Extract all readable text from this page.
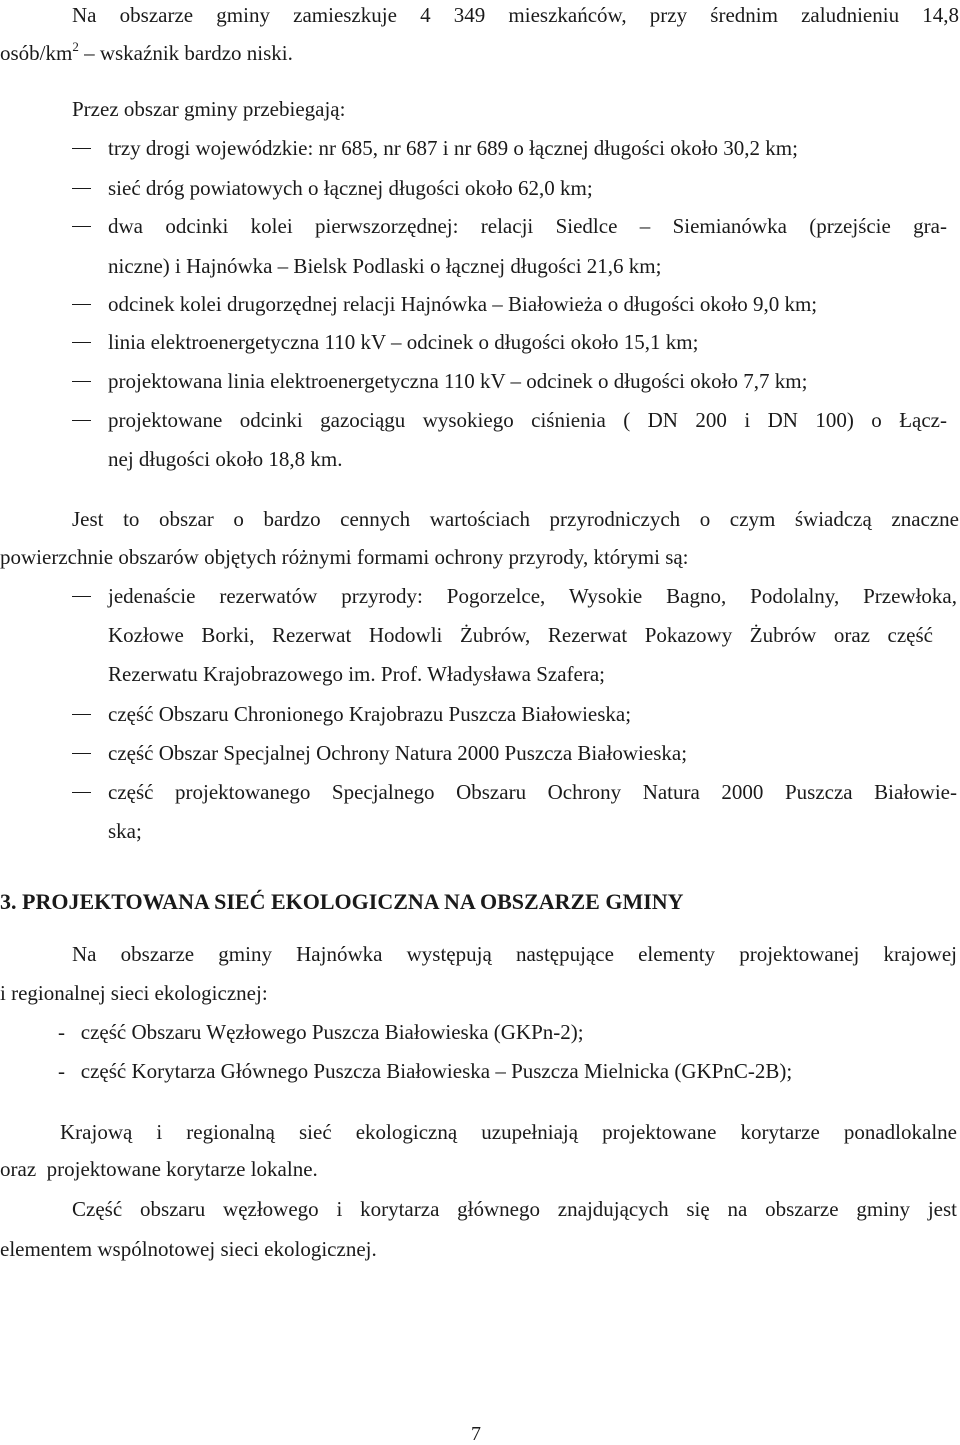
Na obszarze gminy zamieszkuje 4 349 mieszkańców, przy średnim zaludnieniu 14,8
osób/$km^2$ – wskaźnik bardzo niski.
Przez obszar gminy przebiegają:
trzy drogi wojewódzkie: nr 685, nr 687 i nr 689 o łącznej długości około 30,2 km;
sieć dróg powiatowych o łącznej długości około 62,0 km;
dwa odcinki kolei pierwszorzędnej: relacji Siedlce – Siemianówka (przejście gra-
niczne) i Hajnówka – Bielsk Podlaski o łącznej długości 21,6 km;
odcinek kolei drugorzędnej relacji Hajnówka – Białowieża o długości około 9,0 km;
linia elektroenergetyczna 110 kV – odcinek o długości około 15,1 km;
projektowana linia elektroenergetyczna 110 kV – odcinek o długości około 7,7 km;
projektowane odcinki gazociągu wysokiego ciśnienia ( DN 200 i DN 100) o Łącz-
nej długości około 18,8 km.
Jest to obszar o bardzo cennych wartościach przyrodniczych o czym świadczą znaczne
powierzchnie obszarów objętych różnymi formami ochrony przyrody, którymi są:
jedenaście rezerwatów przyrody: Pogorzelce, Wysokie Bagno, Podolalny, Przewłoka,
Kozłowe Borki, Rezerwat Hodowli Żubrów, Rezerwat Pokazowy Żubrów oraz część
Rezerwatu Krajobrazowego im. Prof. Władysława Szafera;
część Obszaru Chronionego Krajobrazu Puszcza Białowieska;
część Obszar Specjalnej Ochrony Natura 2000 Puszcza Białowieska;
część projektowanego Specjalnego Obszaru Ochrony Natura 2000 Puszcza Białowie-
ska;
3. PROJEKTOWANA SIEĆ EKOLOGICZNA NA OBSZARZE GMINY
Na obszarze gminy Hajnówka występują następujące elementy projektowanej krajowej
i regionalnej sieci ekologicznej:
-   część Obszaru Węzłowego Puszcza Białowieska (GKPn-2);
-   część Korytarza Głównego Puszcza Białowieska – Puszcza Mielnicka (GKPnC-2B);
Krajową i regionalną sieć ekologiczną uzupełniają projektowane korytarze ponadlokalne
oraz  projektowane korytarze lokalne.
Część obszaru węzłowego i korytarza głównego znajdujących się na obszarze gminy jest
elementem wspólnotowej sieci ekologicznej.
7
